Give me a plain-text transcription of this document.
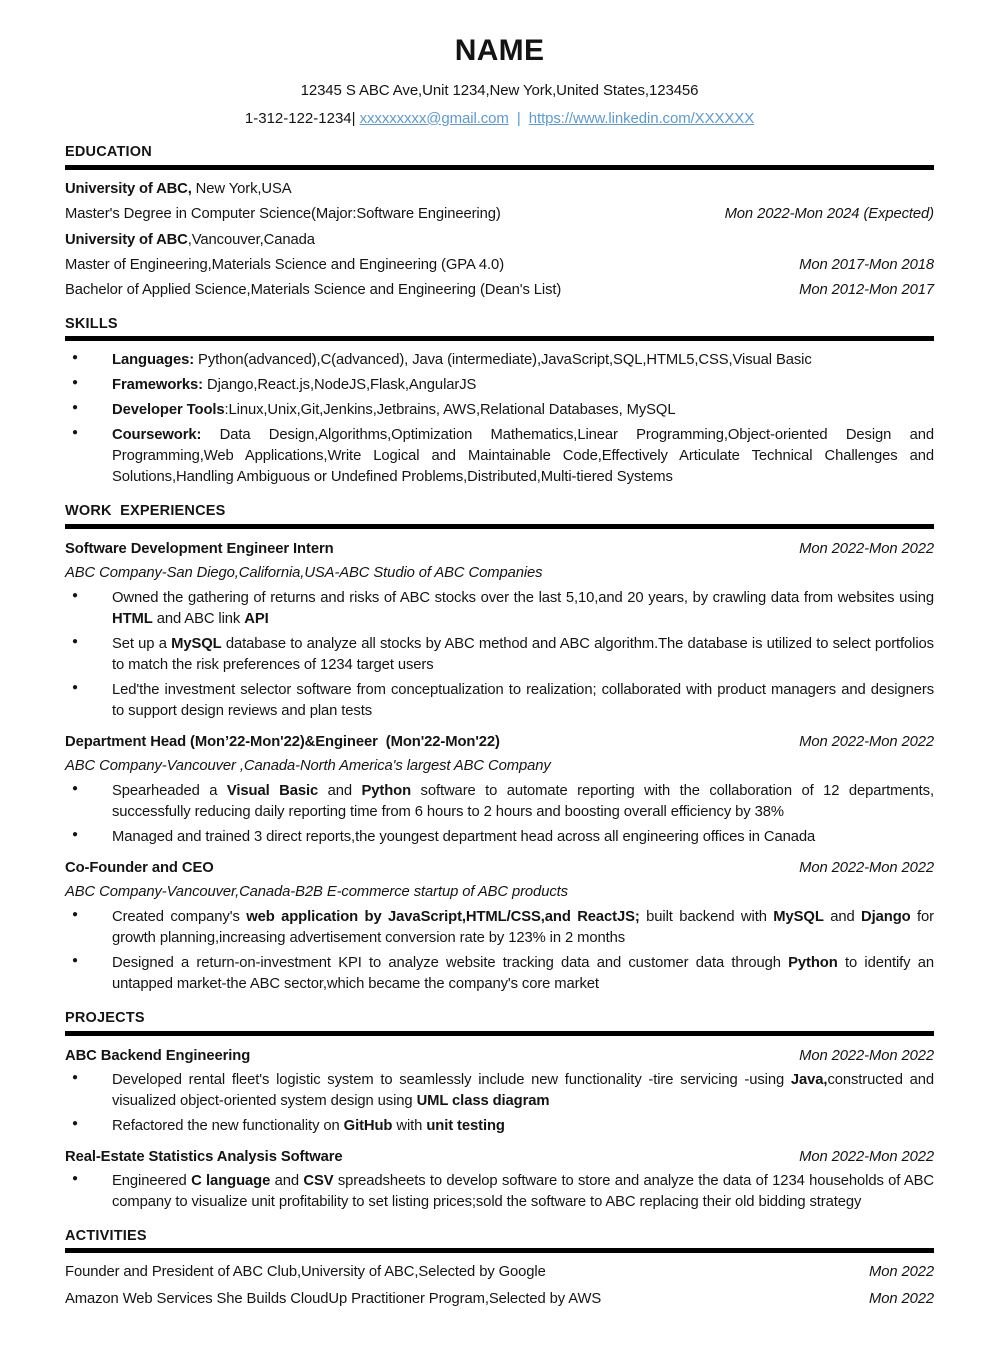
NAME
12345 S ABC Ave,Unit 1234,New York,United States,123456
1-312-122-1234| xxxxxxxxx@gmail.com | https://www.linkedin.com/XXXXXX
EDUCATION
University of ABC, New York,USA
Master's Degree in Computer Science(Major:Software Engineering)	Mon 2022-Mon 2024 (Expected)
University of ABC,Vancouver,Canada
Master of Engineering,Materials Science and Engineering (GPA 4.0)	Mon 2017-Mon 2018
Bachelor of Applied Science,Materials Science and Engineering (Dean's List)	Mon 2012-Mon 2017
SKILLS
●	Languages: Python(advanced),C(advanced), Java (intermediate),JavaScript,SQL,HTML5,CSS,Visual Basic

●	Frameworks: Django,React.js,NodeJS,Flask,AngularJS

●	Developer Tools:Linux,Unix,Git,Jenkins,Jetbrains, AWS,Relational Databases, MySQL

●	Coursework: Data Design,Algorithms,Optimization Mathematics,Linear Programming,Object-oriented Design and Programming,Web Applications,Write Logical and Maintainable Code,Effectively Articulate Technical Challenges and Solutions,Handling Ambiguous or Undefined Problems,Distributed,Multi-tiered Systems

WORK  EXPERIENCES
Software Development Engineer Intern	Mon 2022-Mon 2022
ABC Company-San Diego,California,USA-ABC Studio of ABC Companies
●	Owned the gathering of returns and risks of ABC stocks over the last 5,10,and 20 years, by crawling data from websites using HTML and ABC link API

●	Set up a MySQL database to analyze all stocks by ABC method and ABC algorithm.The database is utilized to select portfolios to match the risk preferences of 1234 target users

●	Led'the investment selector software from conceptualization to realization; collaborated with product managers and designers to support design reviews and plan tests

Department Head (Mon’22-Mon'22)&Engineer  (Mon'22-Mon'22)	Mon 2022-Mon 2022
ABC Company-Vancouver ,Canada-North America's largest ABC Company
●	Spearheaded a Visual Basic and Python software to automate reporting with the collaboration of 12 departments, successfully reducing daily reporting time from 6 hours to 2 hours and boosting overall efficiency by 38%

●	Managed and trained 3 direct reports,the youngest department head across all engineering offices in Canada

Co-Founder and CEO	Mon 2022-Mon 2022
ABC Company-Vancouver,Canada-B2B E-commerce startup of ABC products
●	Created company's web application by JavaScript,HTML/CSS,and ReactJS; built backend with MySQL and Django for growth planning,increasing advertisement conversion rate by 123% in 2 months

●	Designed a return-on-investment KPI to analyze website tracking data and customer data through Python to identify an untapped market-the ABC sector,which became the company's core market

PROJECTS
ABC Backend Engineering	Mon 2022-Mon 2022
●	Developed rental fleet's logistic system to seamlessly include new functionality -tire servicing -using Java,constructed and visualized object-oriented system design using UML class diagram

●	Refactored the new functionality on GitHub with unit testing

Real-Estate Statistics Analysis Software	Mon 2022-Mon 2022
●	Engineered C language and CSV spreadsheets to develop software to store and analyze the data of 1234 households of ABC company to visualize unit profitability to set listing prices;sold the software to ABC replacing their old bidding strategy

ACTIVITIES
Founder and President of ABC Club,University of ABC,Selected by Google	Mon 2022
Amazon Web Services She Builds CloudUp Practitioner Program,Selected by AWS	Mon 2022
